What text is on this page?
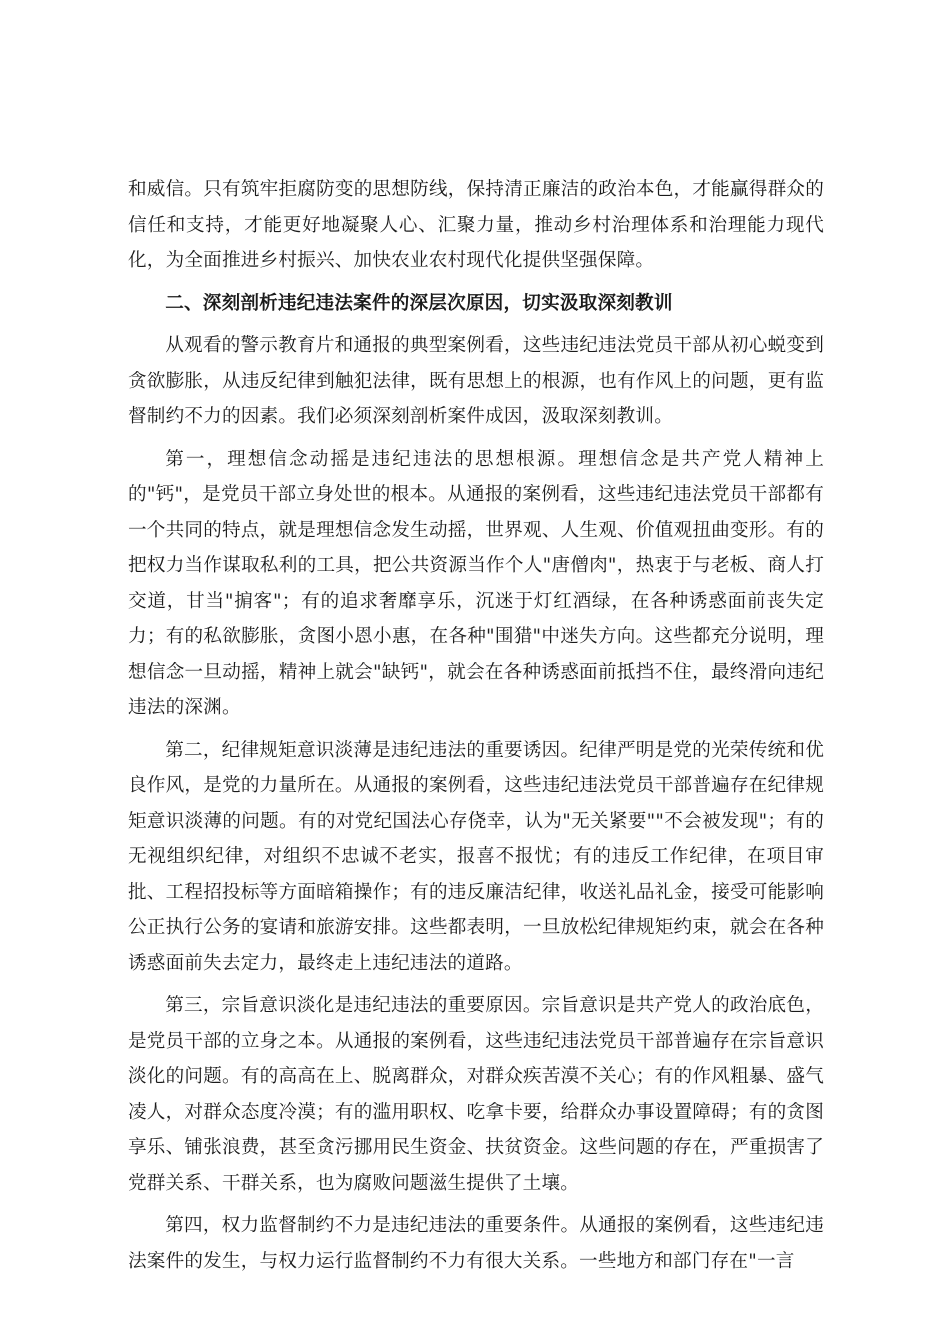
和威信。只有筑牢拒腐防变的思想防线，保持清正廉洁的政治本色，才能赢得群众的信任和支持，才能更好地凝聚人心、汇聚力量，推动乡村治理体系和治理能力现代化，为全面推进乡村振兴、加快农业农村现代化提供坚强保障。

二、深刻剖析违纪违法案件的深层次原因，切实汲取深刻教训

从观看的警示教育片和通报的典型案例看，这些违纪违法党员干部从初心蜕变到贪欲膨胀，从违反纪律到触犯法律，既有思想上的根源，也有作风上的问题，更有监督制约不力的因素。我们必须深刻剖析案件成因，汲取深刻教训。

第一，理想信念动摇是违纪违法的思想根源。理想信念是共产党人精神上的"钙"，是党员干部立身处世的根本。从通报的案例看，这些违纪违法党员干部都有一个共同的特点，就是理想信念发生动摇，世界观、人生观、价值观扭曲变形。有的把权力当作谋取私利的工具，把公共资源当作个人"唐僧肉"，热衷于与老板、商人打交道，甘当"掮客"；有的追求奢靡享乐，沉迷于灯红酒绿，在各种诱惑面前丧失定力；有的私欲膨胀，贪图小恩小惠，在各种"围猎"中迷失方向。这些都充分说明，理想信念一旦动摇，精神上就会"缺钙"，就会在各种诱惑面前抵挡不住，最终滑向违纪违法的深渊。

第二，纪律规矩意识淡薄是违纪违法的重要诱因。纪律严明是党的光荣传统和优良作风，是党的力量所在。从通报的案例看，这些违纪违法党员干部普遍存在纪律规矩意识淡薄的问题。有的对党纪国法心存侥幸，认为"无关紧要""不会被发现"；有的无视组织纪律，对组织不忠诚不老实，报喜不报忧；有的违反工作纪律，在项目审批、工程招投标等方面暗箱操作；有的违反廉洁纪律，收送礼品礼金，接受可能影响公正执行公务的宴请和旅游安排。这些都表明，一旦放松纪律规矩约束，就会在各种诱惑面前失去定力，最终走上违纪违法的道路。

第三，宗旨意识淡化是违纪违法的重要原因。宗旨意识是共产党人的政治底色，是党员干部的立身之本。从通报的案例看，这些违纪违法党员干部普遍存在宗旨意识淡化的问题。有的高高在上、脱离群众，对群众疾苦漠不关心；有的作风粗暴、盛气凌人，对群众态度冷漠；有的滥用职权、吃拿卡要，给群众办事设置障碍；有的贪图享乐、铺张浪费，甚至贪污挪用民生资金、扶贫资金。这些问题的存在，严重损害了党群关系、干群关系，也为腐败问题滋生提供了土壤。

第四，权力监督制约不力是违纪违法的重要条件。从通报的案例看，这些违纪违法案件的发生，与权力运行监督制约不力有很大关系。一些地方和部门存在"一言
